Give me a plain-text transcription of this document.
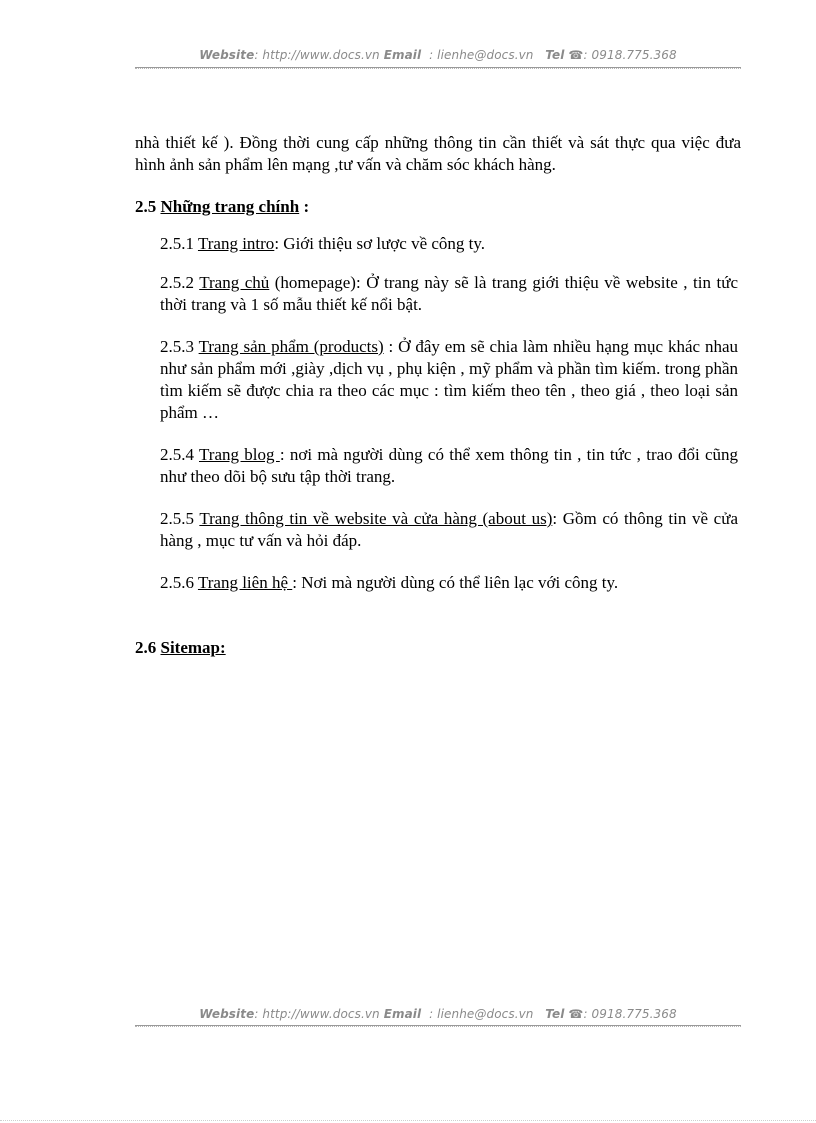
Website: http://www.docs.vn Email : lienhe@docs.vn Tel ☎: 0918.775.368
nhà thiết kế ). Đồng thời cung cấp những thông tin cần thiết và sát thực qua việc đưa hình ảnh sản phẩm lên mạng ,tư vấn và chăm sóc khách hàng.
2.5 Những trang chính :
2.5.1 Trang intro: Giới thiệu sơ lược về công ty.
2.5.2 Trang chủ (homepage): Ở trang này sẽ là trang giới thiệu về website , tin tức thời trang và 1 số mẫu thiết kế nổi bật.
2.5.3 Trang sản phẩm (products) : Ở đây em sẽ chia làm nhiều hạng mục khác nhau như sản phẩm mới ,giày ,dịch vụ , phụ kiện , mỹ phẩm và phần tìm kiếm. trong phần tìm kiếm sẽ được chia ra theo các mục : tìm kiếm theo tên , theo giá , theo loại sản phẩm …
2.5.4 Trang blog : nơi mà người dùng có thể xem thông tin , tin tức , trao đổi cũng như theo dõi bộ sưu tập thời trang.
2.5.5 Trang thông tin về website và cửa hàng (about us): Gồm có thông tin về cửa hàng , mục tư vấn và hỏi đáp.
2.5.6 Trang liên hệ : Nơi mà người dùng có thể liên lạc với công ty.
2.6 Sitemap:
Website: http://www.docs.vn Email : lienhe@docs.vn Tel ☎: 0918.775.368
